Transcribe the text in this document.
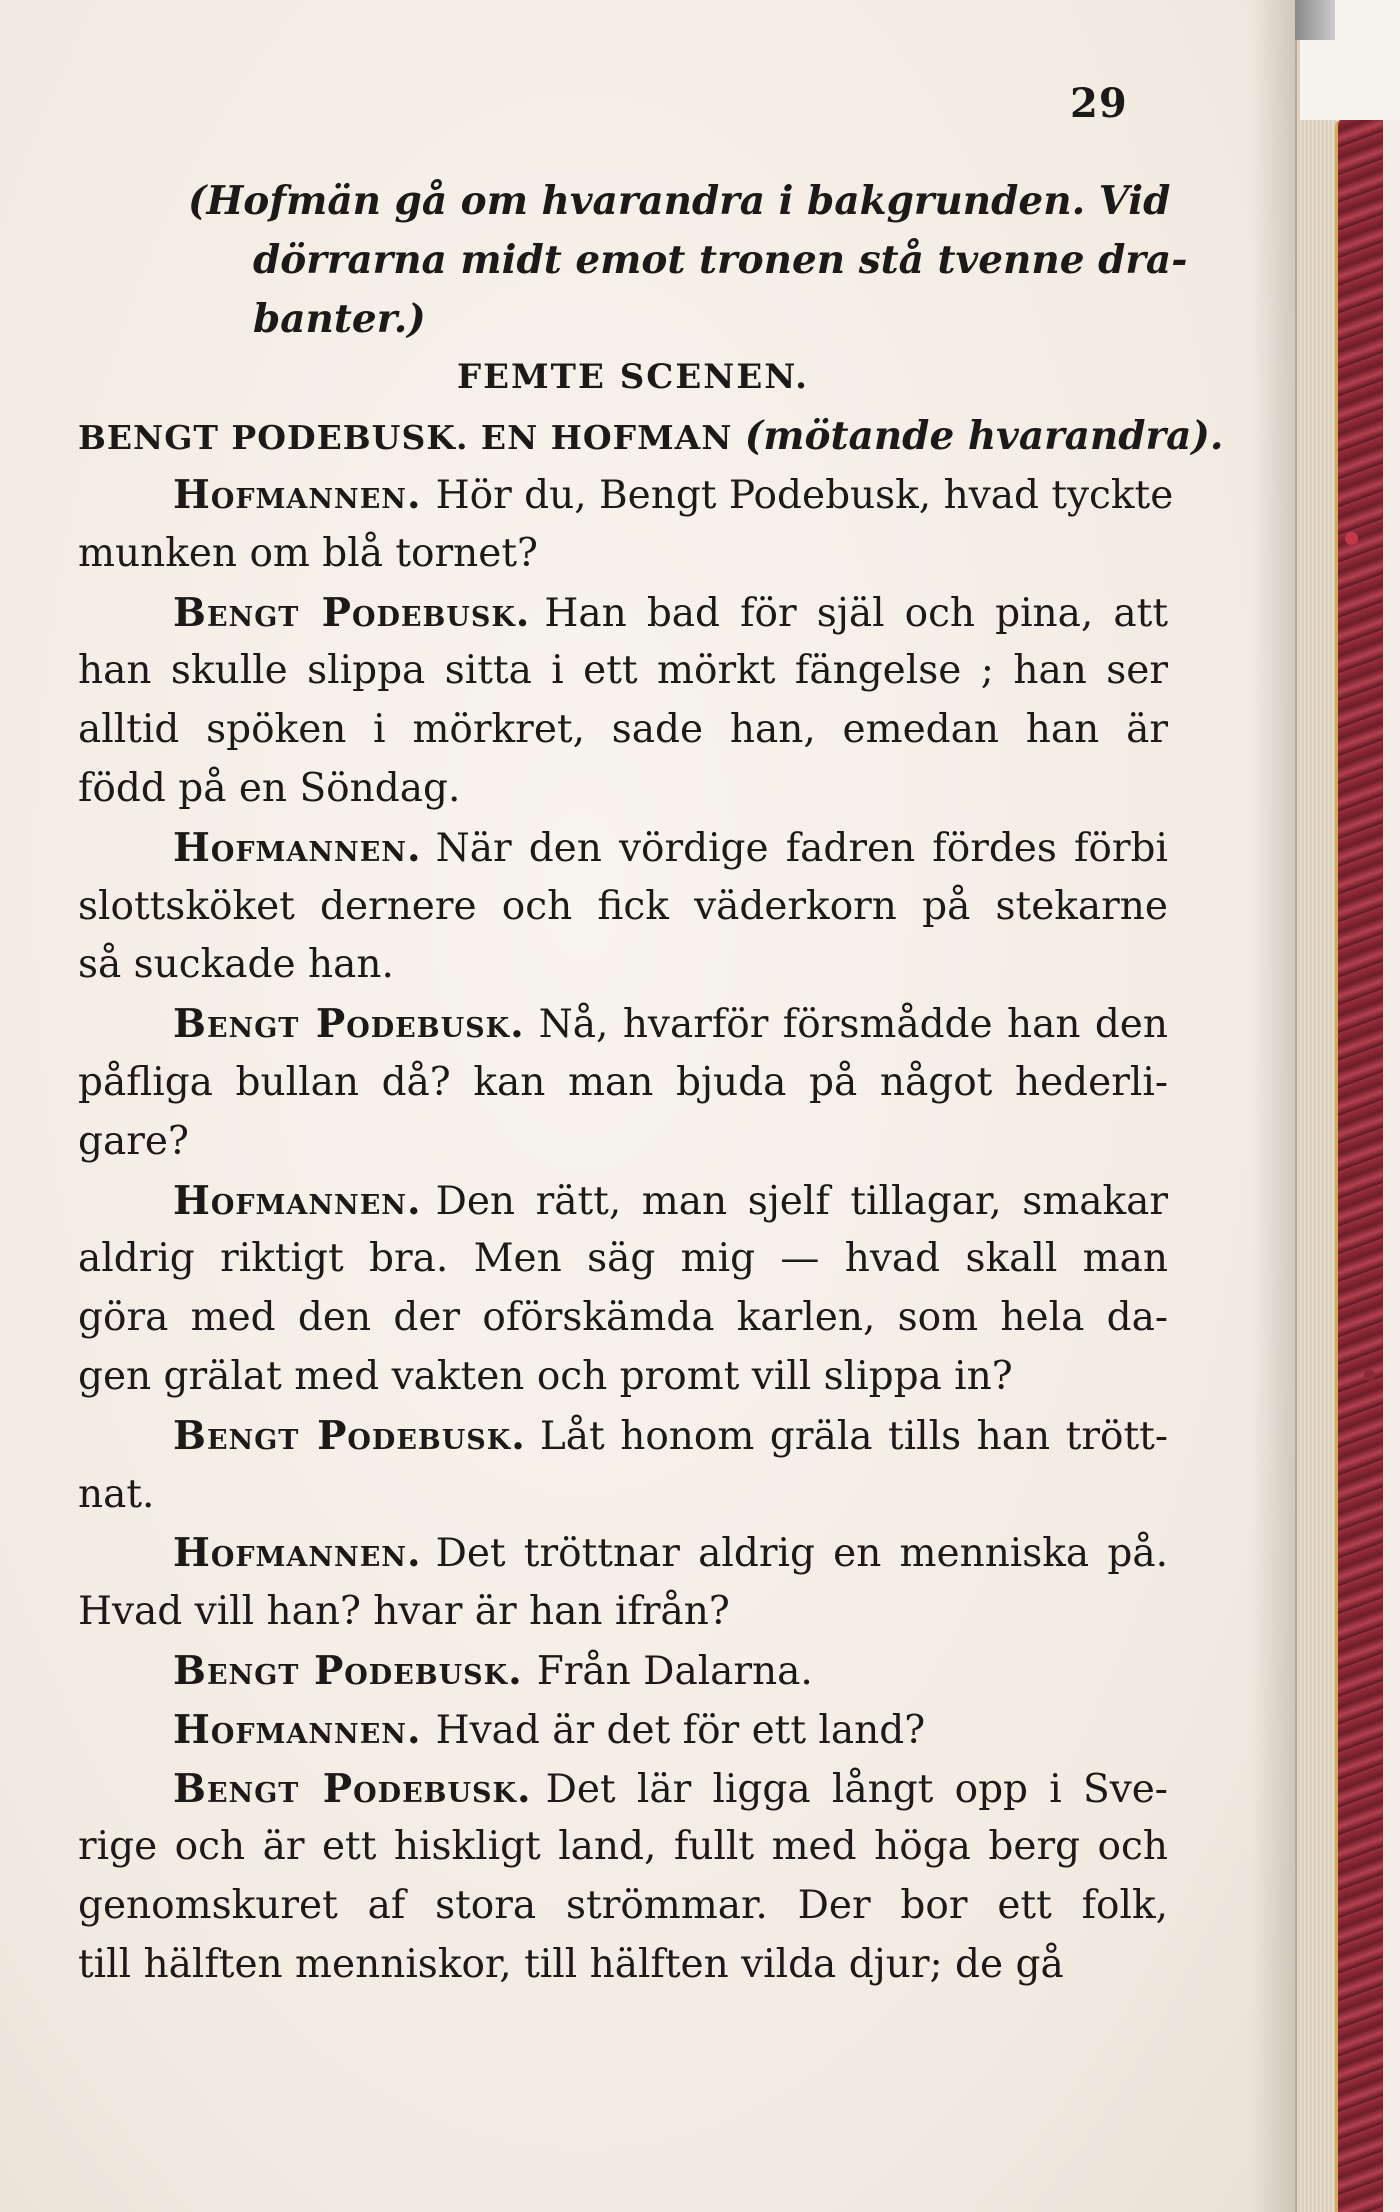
29
(Hofmän gå om hvarandra i bakgrunden. Vid
dörrarna midt emot tronen stå tvenne dra-
banter.)
FEMTE SCENEN.
BENGT PODEBUSK. EN HOFMAN (mötande hvarandra).
Hofmannen. Hör du, Bengt Podebusk, hvad tyckte
munken om blå tornet?
Bengt Podebusk. Han bad för själ och pina, att
han skulle slippa sitta i ett mörkt fängelse ; han ser
alltid spöken i mörkret, sade han, emedan han är
född på en Söndag.
Hofmannen. När den vördige fadren fördes förbi
slottsköket dernere och fick väderkorn på stekarne
så suckade han.
Bengt Podebusk. Nå, hvarför försmådde han den
påfliga bullan då? kan man bjuda på något hederli-
gare?
Hofmannen. Den rätt, man sjelf tillagar, smakar
aldrig riktigt bra. Men säg mig — hvad skall man
göra med den der oförskämda karlen, som hela da-
gen grälat med vakten och promt vill slippa in?
Bengt Podebusk. Låt honom gräla tills han trött-
nat.
Hofmannen. Det tröttnar aldrig en menniska på.
Hvad vill han? hvar är han ifrån?
Bengt Podebusk. Från Dalarna.
Hofmannen. Hvad är det för ett land?
Bengt Podebusk. Det lär ligga långt opp i Sve-
rige och är ett hiskligt land, fullt med höga berg och
genomskuret af stora strömmar. Der bor ett folk,
till hälften menniskor, till hälften vilda djur; de gå
